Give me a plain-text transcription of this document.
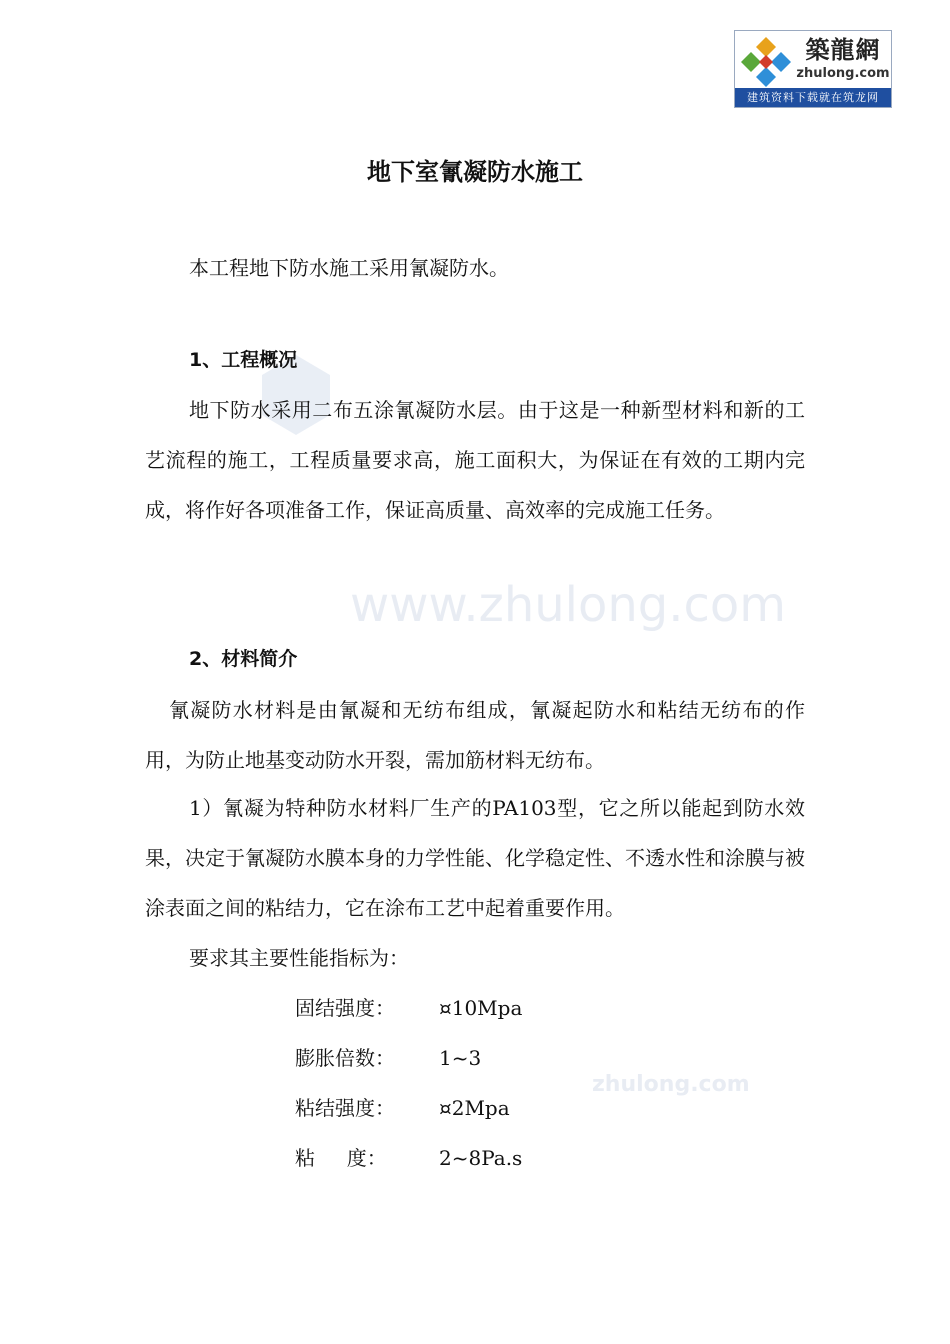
築龍網
zhulong.com
建筑资料下载就在筑龙网
www.zhulong.com
zhulong.com
地下室氰凝防水施工

本工程地下防水施工采用氰凝防水。

1、工程概况

地下防水采用二布五涂氰凝防水层。由于这是一种新型材料和新的工艺流程的施工，工程质量要求高，施工面积大，为保证在有效的工期内完成，将作好各项准备工作，保证高质量、高效率的完成施工任务。

2、材料简介

氰凝防水材料是由氰凝和无纺布组成，氰凝起防水和粘结无纺布的作用，为防止地基变动防水开裂，需加筋材料无纺布。

1）氰凝为特种防水材料厂生产的PA103型，它之所以能起到防水效果，决定于氰凝防水膜本身的力学性能、化学稳定性、不透水性和涂膜与被涂表面之间的粘结力，它在涂布工艺中起着重要作用。

要求其主要性能指标为：

固结强度： ¤10Mpa
膨胀倍数： 1~3
粘结强度： ¤2Mpa
粘     度：	2~8Pa.s
